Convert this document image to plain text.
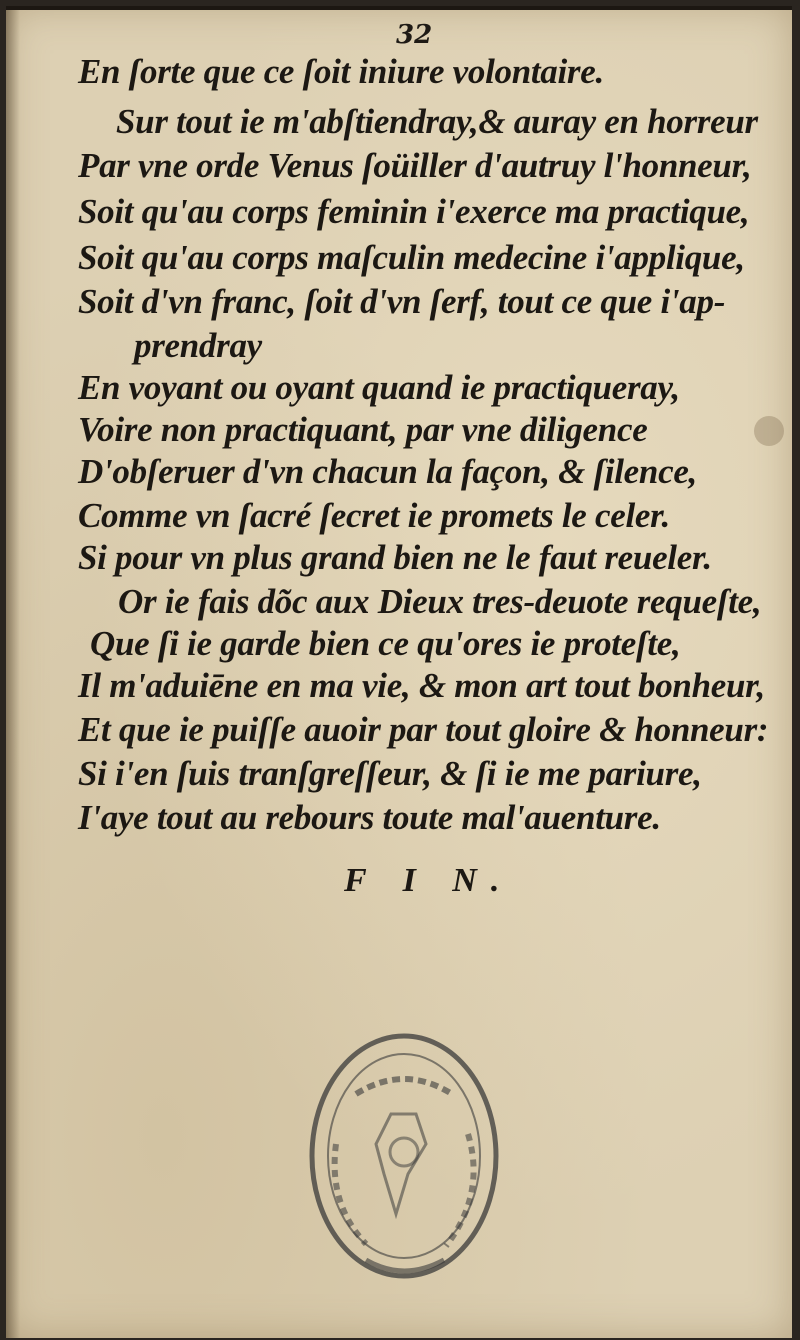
32
En ſorte que ce ſoit iniure volontaire.
Sur tout ie m'abſtiendray,& auray en horreur
Par vne orde Venus ſoüiller d'autruy l'honneur,
Soit qu'au corps feminin i'exerce ma practique,
Soit qu'au corps maſculin medecine i'applique,
Soit d'vn franc, ſoit d'vn ſerf, tout ce que i'ap-
prendray
En voyant ou oyant quand ie practiqueray,
Voire non practiquant, par vne diligence
D'obſeruer d'vn chacun la façon, & ſilence,
Comme vn ſacré ſecret ie promets le celer.
Si pour vn plus grand bien ne le faut reueler.
Or ie fais dõc aux Dieux tres-deuote requeſte,
Que ſi ie garde bien ce qu'ores ie proteſte,
Il m'aduiēne en ma vie, & mon art tout bonheur,
Et que ie puiſſe auoir par tout gloire & honneur:
Si i'en ſuis tranſgreſſeur, & ſi ie me pariure,
I'aye tout au rebours toute mal'auenture.
F I N.
